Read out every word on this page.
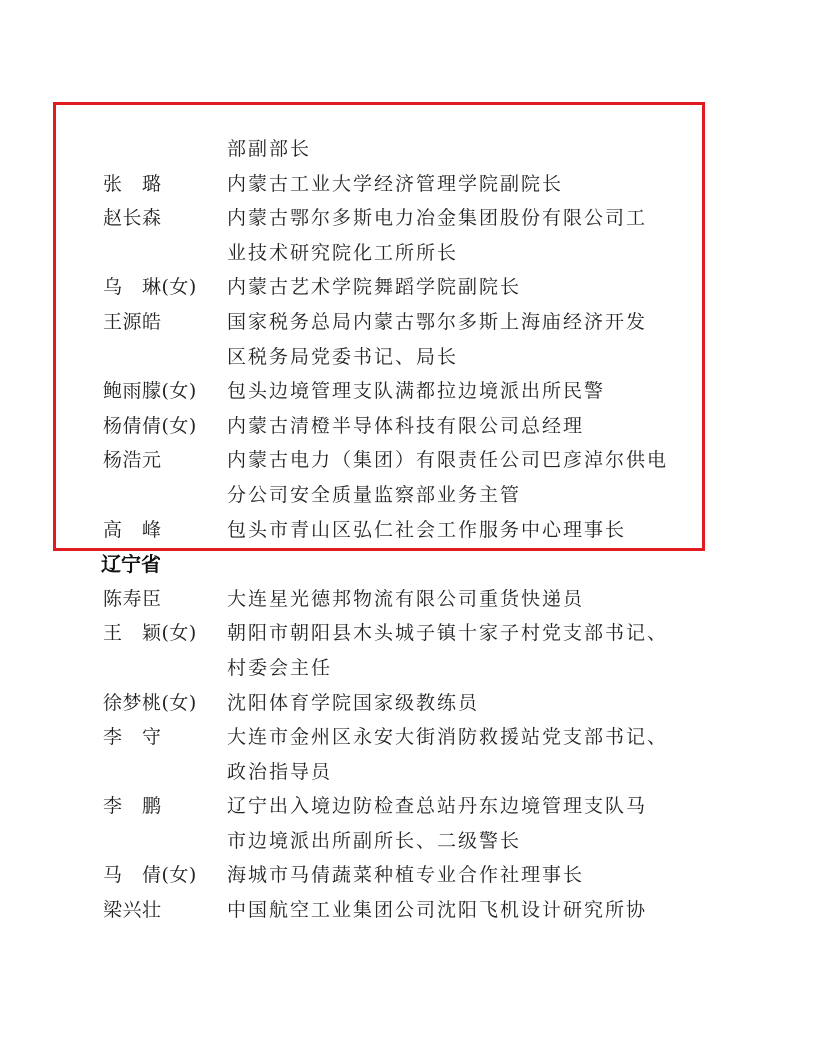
部副部长
张　璐	内蒙古工业大学经济管理学院副院长
赵长森	内蒙古鄂尔多斯电力冶金集团股份有限公司工
业技术研究院化工所所长
乌　琳(女)	内蒙古艺术学院舞蹈学院副院长
王源皓	国家税务总局内蒙古鄂尔多斯上海庙经济开发
区税务局党委书记、局长
鲍雨朦(女)	包头边境管理支队满都拉边境派出所民警
杨倩倩(女)	内蒙古清橙半导体科技有限公司总经理
杨浩元	内蒙古电力（集团）有限责任公司巴彦淖尔供电
分公司安全质量监察部业务主管
高　峰	包头市青山区弘仁社会工作服务中心理事长
辽宁省
陈寿臣	大连星光德邦物流有限公司重货快递员
王　颖(女)	朝阳市朝阳县木头城子镇十家子村党支部书记、
村委会主任
徐梦桃(女)	沈阳体育学院国家级教练员
李　守	大连市金州区永安大街消防救援站党支部书记、
政治指导员
李　鹏	辽宁出入境边防检查总站丹东边境管理支队马
市边境派出所副所长、二级警长
马　倩(女)	海城市马倩蔬菜种植专业合作社理事长
梁兴壮	中国航空工业集团公司沈阳飞机设计研究所协
